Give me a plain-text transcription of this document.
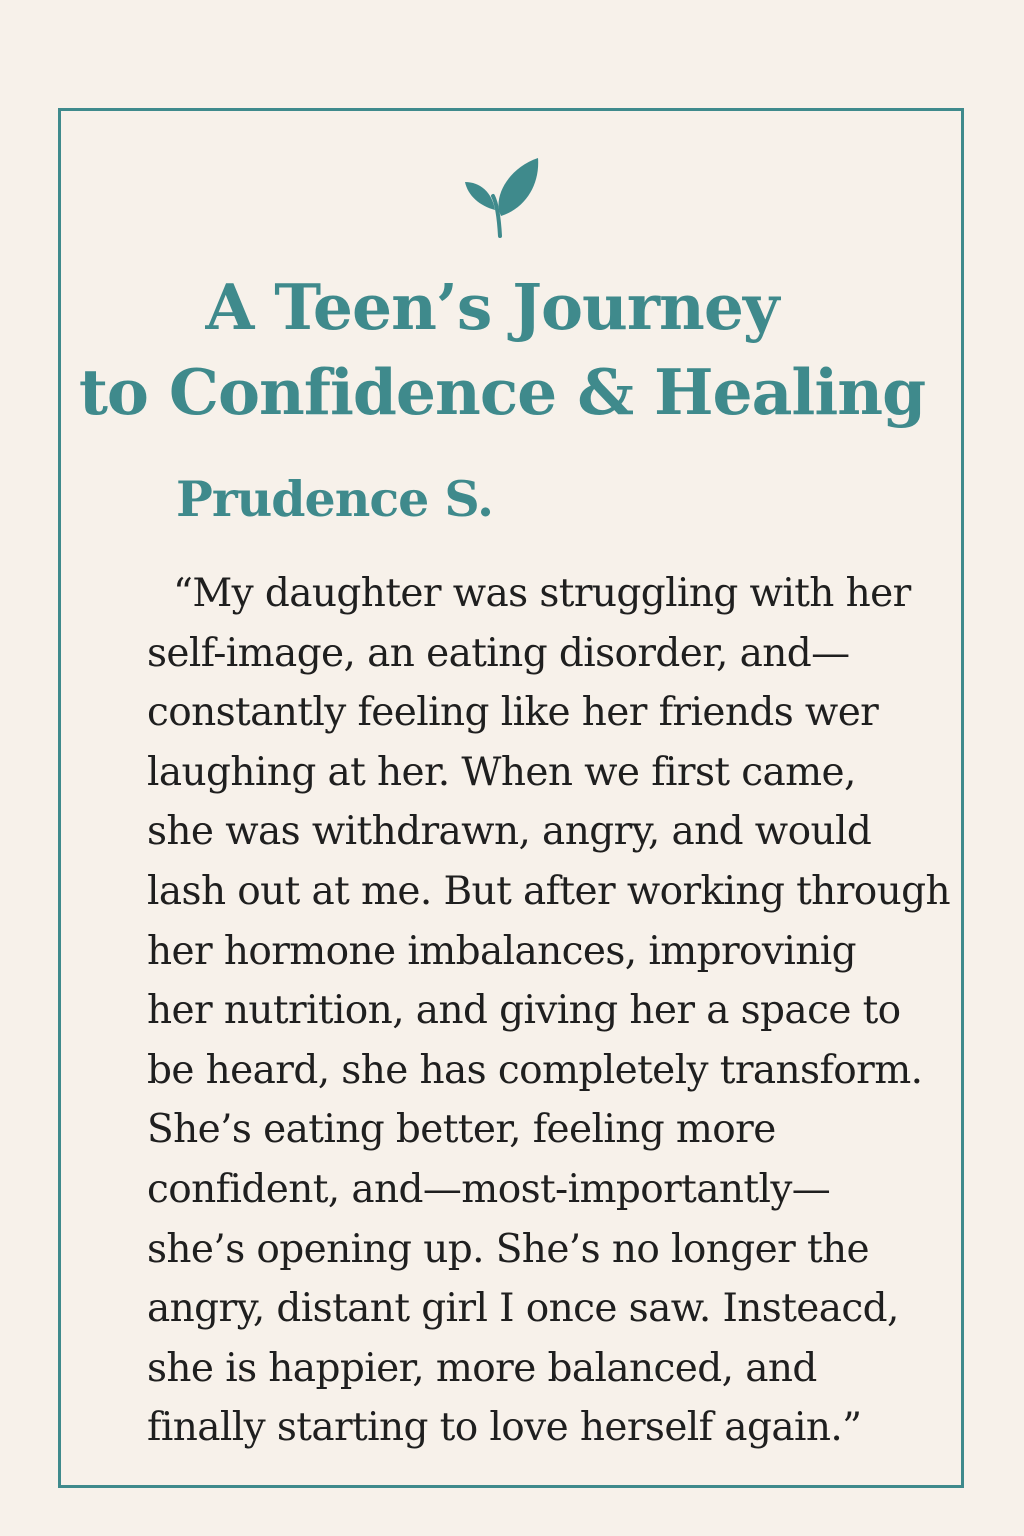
A Teen’s Journey
to Confidence & Healing
Prudence S.
“My daughter was struggling with her
self-image, an eating disorder, and—
constantly feeling like her friends wer
laughing at her. When we first came,
she was withdrawn, angry, and would
lash out at me. But after working through
her hormone imbalances, improvinig
her nutrition, and giving her a space to
be heard, she has completely transform.
She’s eating better, feeling more
confident, and—most-importantly—
she’s opening up. She’s no longer the
angry, distant girl I once saw. Insteacd,
she is happier, more balanced, and
finally starting to love herself again.”
